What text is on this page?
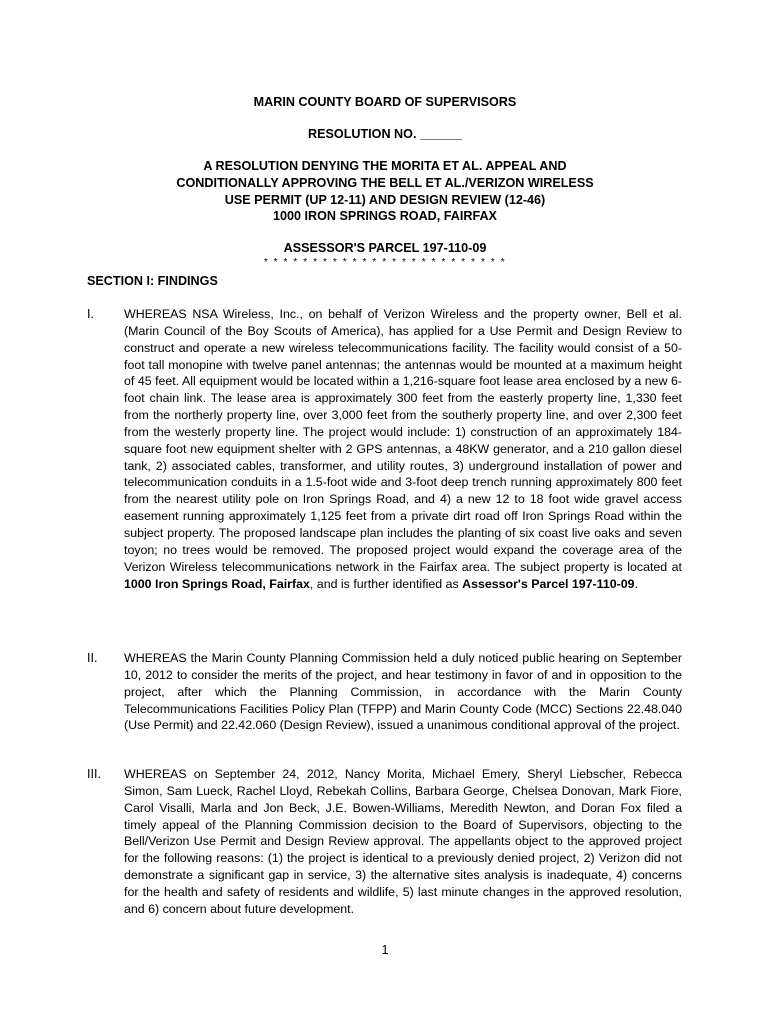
MARIN COUNTY BOARD OF SUPERVISORS
RESOLUTION NO. ______
A RESOLUTION DENYING THE MORITA ET AL. APPEAL AND
CONDITIONALLY APPROVING THE BELL ET AL./VERIZON WIRELESS
USE PERMIT (UP 12-11) AND DESIGN REVIEW (12-46)
1000 IRON SPRINGS ROAD, FAIRFAX
ASSESSOR'S PARCEL 197-110-09
* * * * * * * * * * * * * * * * * * * * * * * * *
SECTION I: FINDINGS
I. WHEREAS NSA Wireless, Inc., on behalf of Verizon Wireless and the property owner, Bell et al. (Marin Council of the Boy Scouts of America), has applied for a Use Permit and Design Review to construct and operate a new wireless telecommunications facility. The facility would consist of a 50-foot tall monopine with twelve panel antennas; the antennas would be mounted at a maximum height of 45 feet. All equipment would be located within a 1,216-square foot lease area enclosed by a new 6-foot chain link. The lease area is approximately 300 feet from the easterly property line, 1,330 feet from the northerly property line, over 3,000 feet from the southerly property line, and over 2,300 feet from the westerly property line. The project would include: 1) construction of an approximately 184-square foot new equipment shelter with 2 GPS antennas, a 48KW generator, and a 210 gallon diesel tank, 2) associated cables, transformer, and utility routes, 3) underground installation of power and telecommunication conduits in a 1.5-foot wide and 3-foot deep trench running approximately 800 feet from the nearest utility pole on Iron Springs Road, and 4) a new 12 to 18 foot wide gravel access easement running approximately 1,125 feet from a private dirt road off Iron Springs Road within the subject property. The proposed landscape plan includes the planting of six coast live oaks and seven toyon; no trees would be removed. The proposed project would expand the coverage area of the Verizon Wireless telecommunications network in the Fairfax area. The subject property is located at 1000 Iron Springs Road, Fairfax, and is further identified as Assessor's Parcel 197-110-09.
II. WHEREAS the Marin County Planning Commission held a duly noticed public hearing on September 10, 2012 to consider the merits of the project, and hear testimony in favor of and in opposition to the project, after which the Planning Commission, in accordance with the Marin County Telecommunications Facilities Policy Plan (TFPP) and Marin County Code (MCC) Sections 22.48.040 (Use Permit) and 22.42.060 (Design Review), issued a unanimous conditional approval of the project.
III. WHEREAS on September 24, 2012, Nancy Morita, Michael Emery, Sheryl Liebscher, Rebecca Simon, Sam Lueck, Rachel Lloyd, Rebekah Collins, Barbara George, Chelsea Donovan, Mark Fiore, Carol Visalli, Marla and Jon Beck, J.E. Bowen-Williams, Meredith Newton, and Doran Fox filed a timely appeal of the Planning Commission decision to the Board of Supervisors, objecting to the Bell/Verizon Use Permit and Design Review approval. The appellants object to the approved project for the following reasons: (1) the project is identical to a previously denied project, 2) Verizon did not demonstrate a significant gap in service, 3) the alternative sites analysis is inadequate, 4) concerns for the health and safety of residents and wildlife, 5) last minute changes in the approved resolution, and 6) concern about future development.
1
